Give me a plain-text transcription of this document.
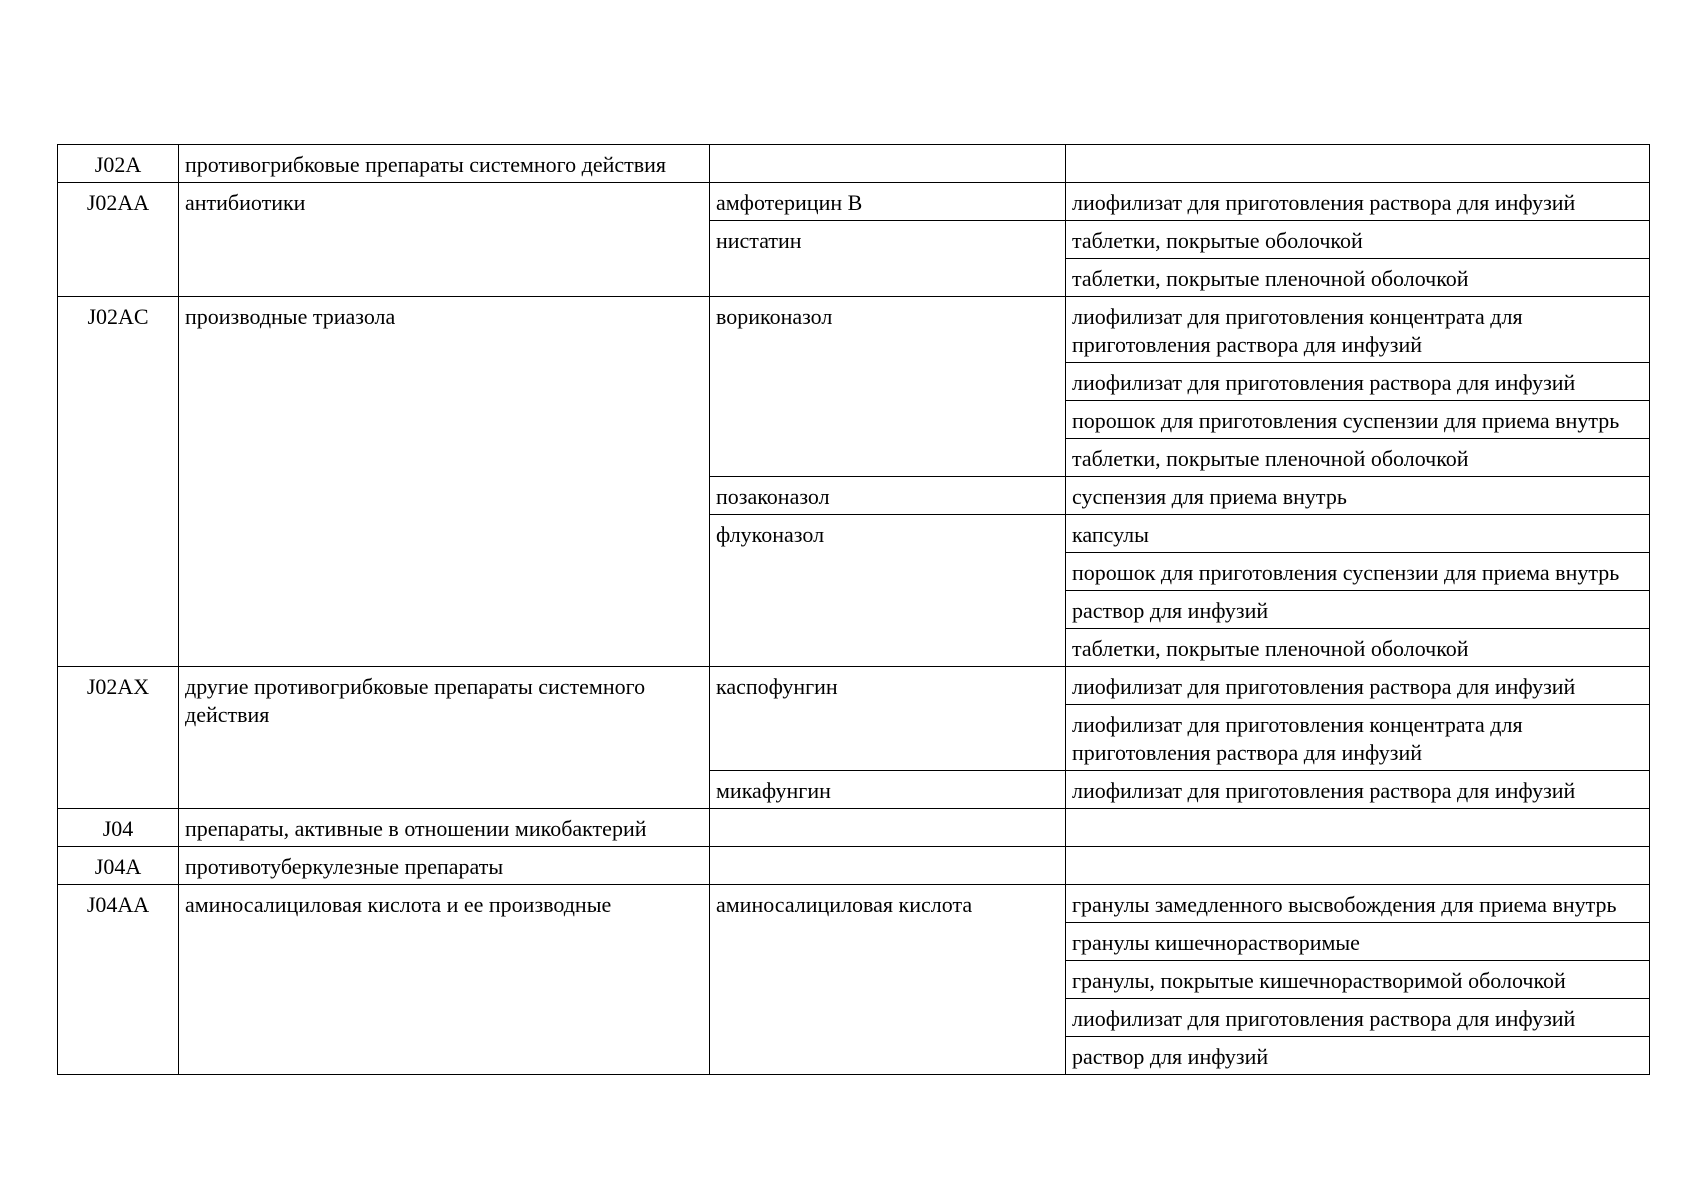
J02A	противогрибковые препараты системного действия		
J02AA	антибиотики	амфотерицин B	лиофилизат для приготовления раствора для инфузий
		нистатин	таблетки, покрытые оболочкой
			таблетки, покрытые пленочной оболочкой
J02AC	производные триазола	вориконазол	лиофилизат для приготовления концентрата для приготовления раствора для инфузий
			лиофилизат для приготовления раствора для инфузий
			порошок для приготовления суспензии для приема внутрь
			таблетки, покрытые пленочной оболочкой
		позаконазол	суспензия для приема внутрь
		флуконазол	капсулы
			порошок для приготовления суспензии для приема внутрь
			раствор для инфузий
			таблетки, покрытые пленочной оболочкой
J02AX	другие противогрибковые препараты системного действия	каспофунгин	лиофилизат для приготовления раствора для инфузий
			лиофилизат для приготовления концентрата для приготовления раствора для инфузий
		микафунгин	лиофилизат для приготовления раствора для инфузий
J04	препараты, активные в отношении микобактерий		
J04A	противотуберкулезные препараты		
J04AA	аминосалициловая кислота и ее производные	аминосалициловая кислота	гранулы замедленного высвобождения для приема внутрь
			гранулы кишечнорастворимые
			гранулы, покрытые кишечнорастворимой оболочкой
			лиофилизат для приготовления раствора для инфузий
			раствор для инфузий
